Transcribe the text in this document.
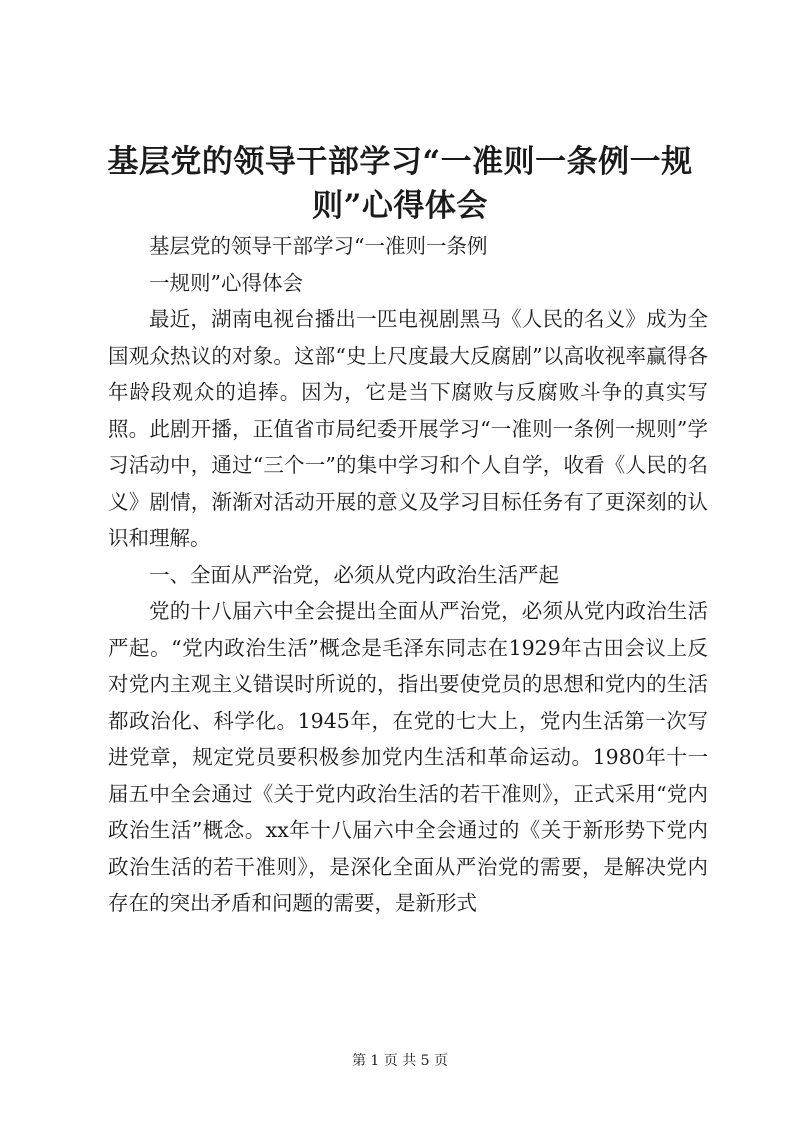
基层党的领导干部学习“一准则一条例一规
则”心得体会

基层党的领导干部学习“一准则一条例

一规则”心得体会

最近，湖南电视台播出一匹电视剧黑马《人民的名义》成为全国观众热议的对象。这部“史上尺度最大反腐剧”以高收视率赢得各年龄段观众的追捧。因为，它是当下腐败与反腐败斗争的真实写照。此剧开播，正值省市局纪委开展学习“一准则一条例一规则”学习活动中，通过“三个一”的集中学习和个人自学，收看《人民的名义》剧情，渐渐对活动开展的意义及学习目标任务有了更深刻的认识和理解。

一、全面从严治党，必须从党内政治生活严起

党的十八届六中全会提出全面从严治党，必须从党内政治生活严起。“党内政治生活”概念是毛泽东同志在1929年古田会议上反对党内主观主义错误时所说的，指出要使党员的思想和党内的生活都政治化、科学化。1945年，在党的七大上，党内生活第一次写进党章，规定党员要积极参加党内生活和革命运动。1980年十一届五中全会通过《关于党内政治生活的若干准则》，正式采用“党内政治生活”概念。xx年十八届六中全会通过的《关于新形势下党内政治生活的若干准则》，是深化全面从严治党的需要，是解决党内存在的突出矛盾和问题的需要，是新形式

第 1 页 共 5 页
